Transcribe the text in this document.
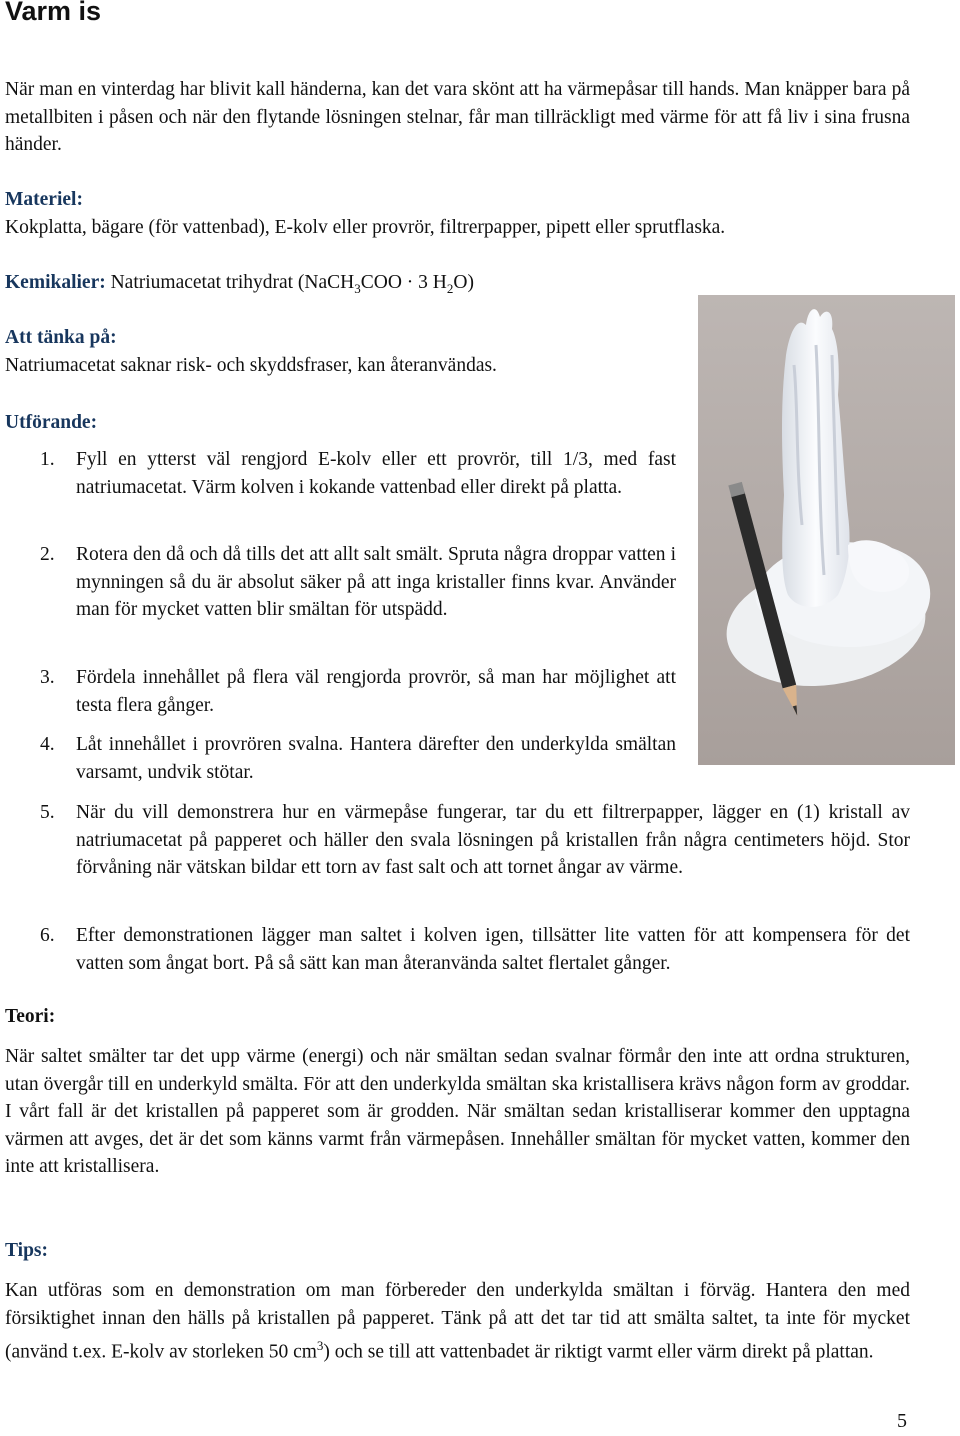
Varm is

När man en vinterdag har blivit kall händerna, kan det vara skönt att ha värmepåsar till hands. Man knäpper bara på metallbiten i påsen och när den flytande lösningen stelnar, får man tillräckligt med värme för att få liv i sina frusna händer.

Materiel:
Kokplatta, bägare (för vattenbad), E-kolv eller provrör, filtrerpapper, pipett eller sprutflaska.
Kemikalier: Natriumacetat trihydrat (NaCH$_3$COO · 3 $H_2O$)
Att tänka på:
Natriumacetat saknar risk- och skyddsfraser, kan återanvändas.
Utförande:
1. Fyll en ytterst väl rengjord E-kolv eller ett provrör, till 1/3, med fast natriumacetat. Värm kolven i kokande vattenbad eller direkt på platta.
2. Rotera den då och då tills det att allt salt smält. Spruta några droppar vatten i mynningen så du är absolut säker på att inga kristaller finns kvar. Använder man för mycket vatten blir smältan för utspädd.
3. Fördela innehållet på flera väl rengjorda provrör, så man har möjlighet att testa flera gånger.
4. Låt innehållet i provrören svalna. Hantera därefter den underkylda smältan varsamt, undvik stötar.
5. När du vill demonstrera hur en värmepåse fungerar, tar du ett filtrerpapper, lägger en (1) kristall av natriumacetat på papperet och häller den svala lösningen på kristallen från några centimeters höjd. Stor förvåning när vätskan bildar ett torn av fast salt och att tornet ångar av värme.
6. Efter demonstrationen lägger man saltet i kolven igen, tillsätter lite vatten för att kompensera för det vatten som ångat bort. På så sätt kan man återanvända saltet flertalet gånger.
Teori:

När saltet smälter tar det upp värme (energi) och när smältan sedan svalnar förmår den inte att ordna strukturen, utan övergår till en underkyld smälta. För att den underkylda smältan ska kristallisera krävs någon form av groddar. I vårt fall är det kristallen på papperet som är grodden. När smältan sedan kristalliserar kommer den upptagna värmen att avges, det är det som känns varmt från värmepåsen. Innehåller smältan för mycket vatten, kommer den inte att kristallisera.

Tips:

Kan utföras som en demonstration om man förbereder den underkylda smältan i förväg. Hantera den med försiktighet innan den hälls på kristallen på papperet. Tänk på att det tar tid att smälta saltet, ta inte för mycket (använd t.ex. E-kolv av storleken 50 $cm^3$) och se till att vattenbadet är riktigt varmt eller värm direkt på plattan.

5
